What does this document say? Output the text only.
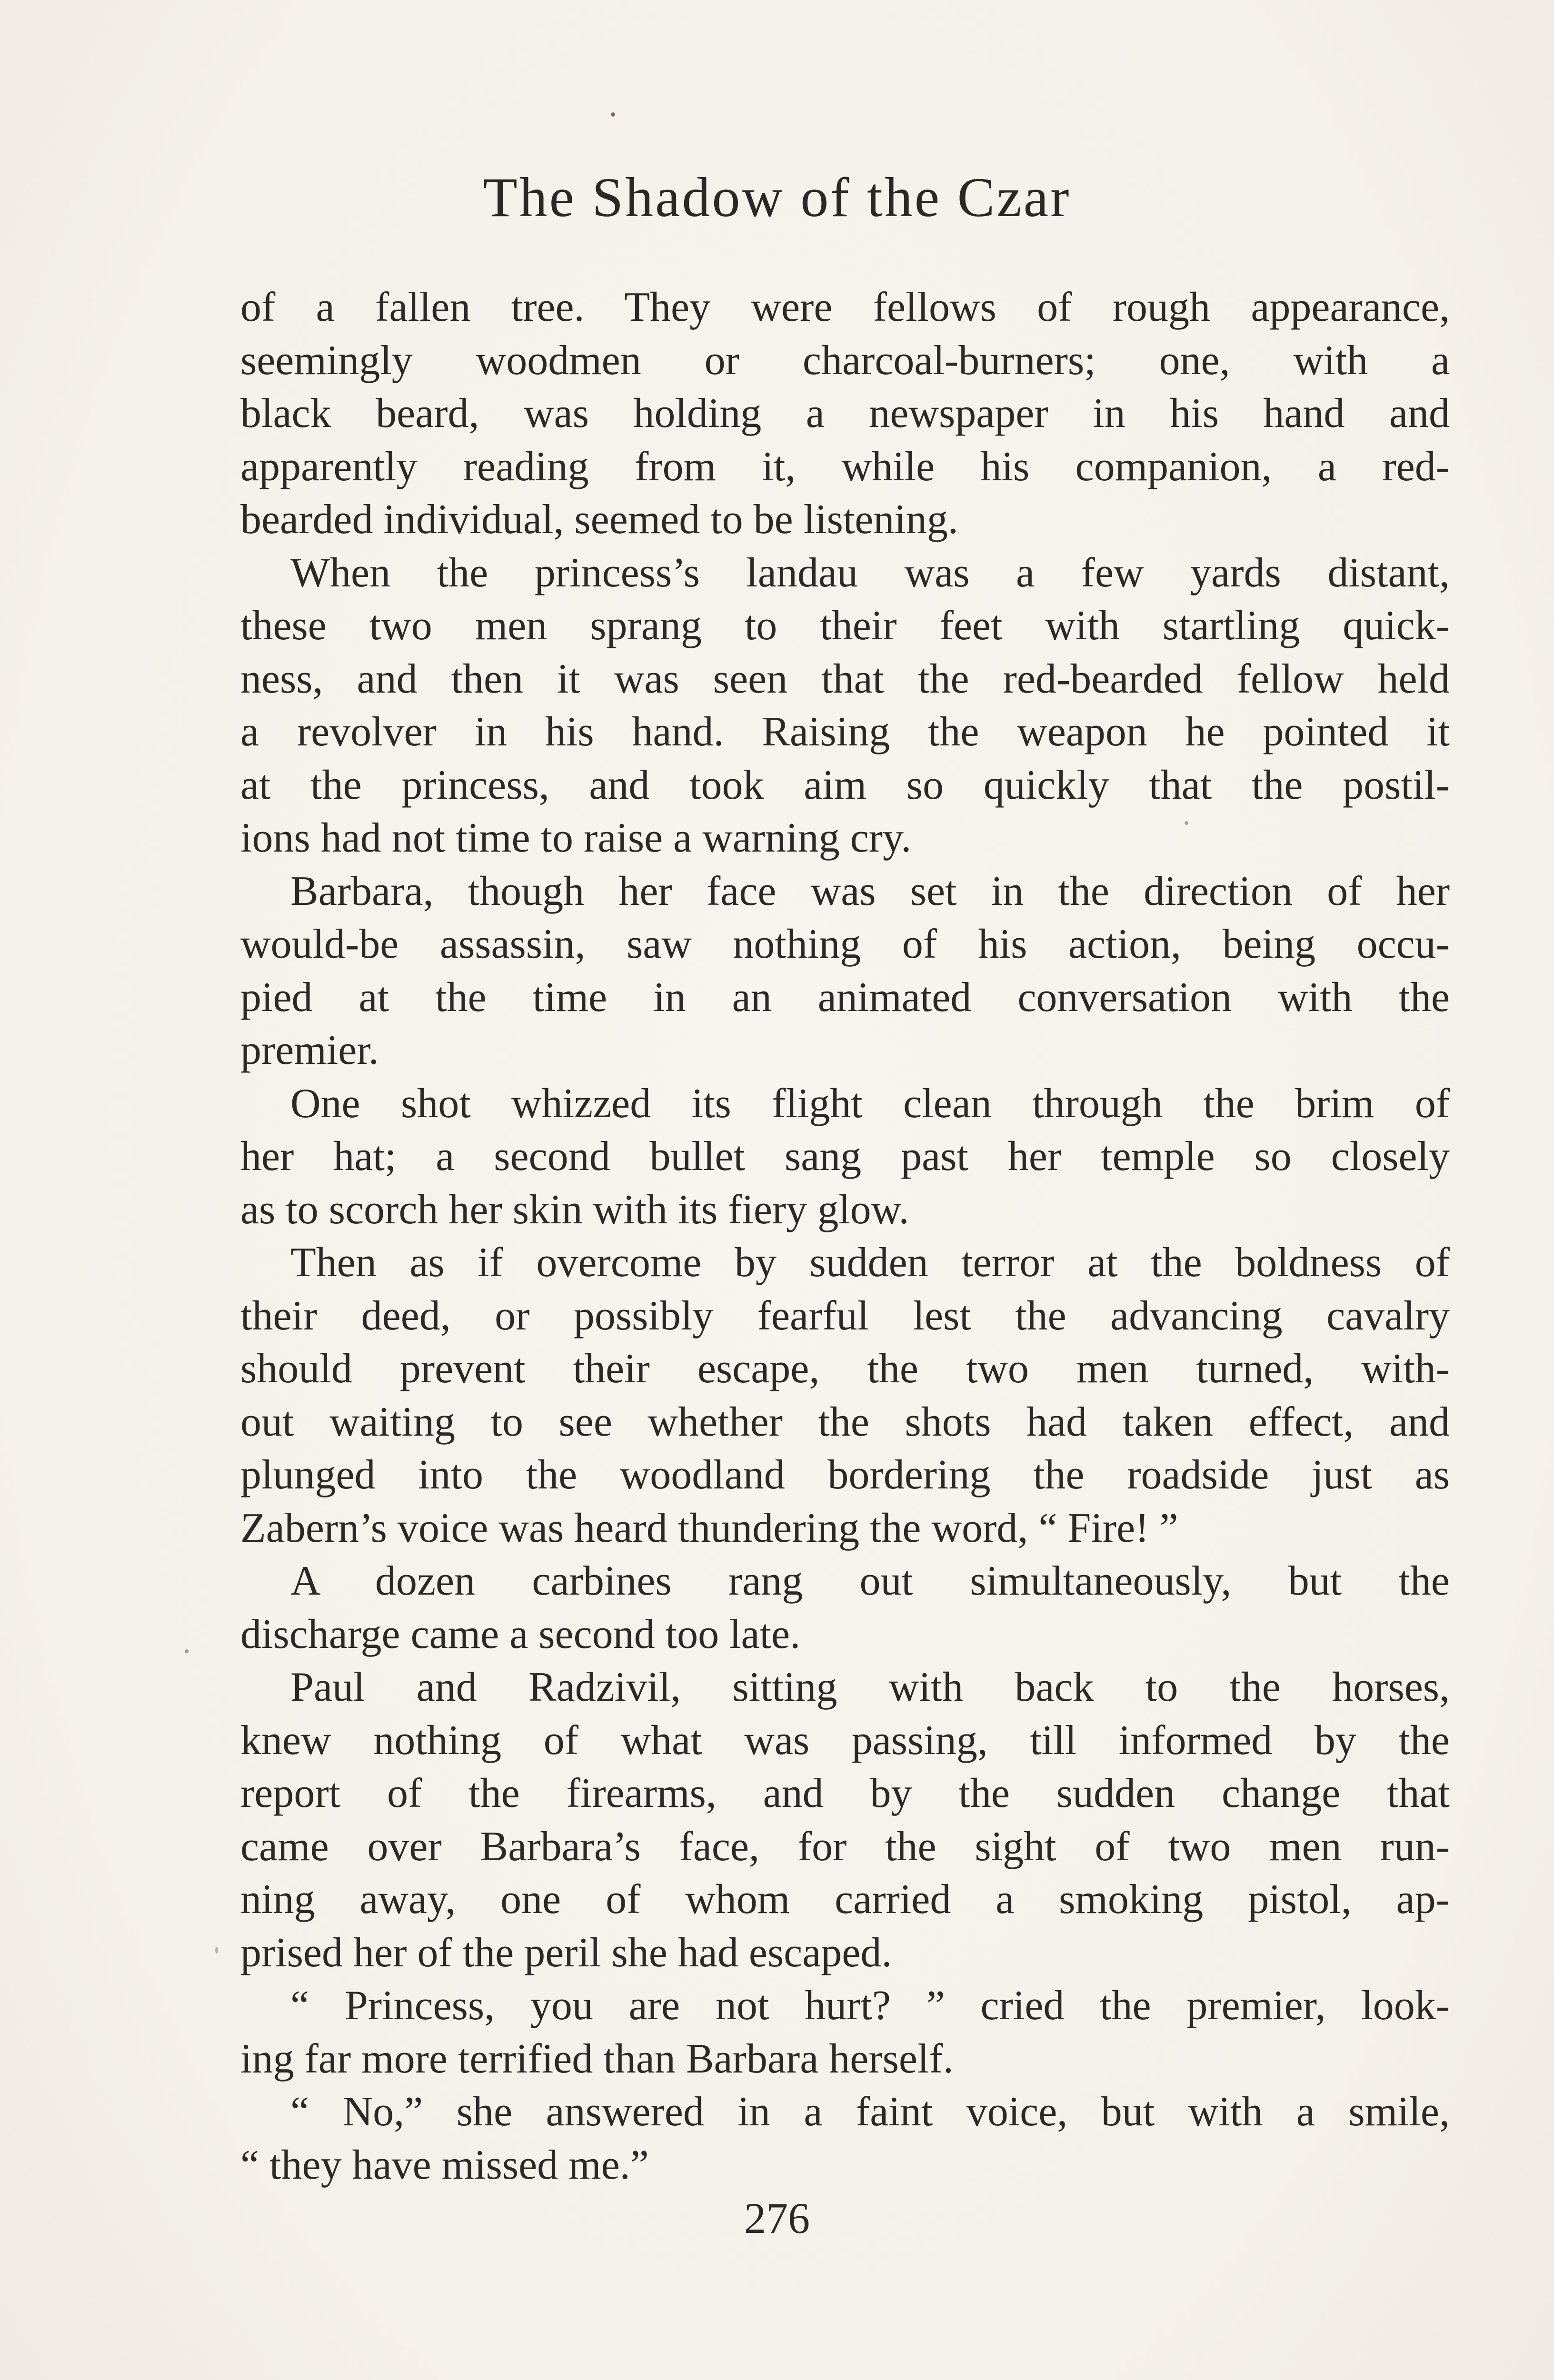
The Shadow of the Czar
of a fallen tree. They were fellows of rough appearance,
seemingly woodmen or charcoal-burners; one, with a
black beard, was holding a newspaper in his hand and
apparently reading from it, while his companion, a red-
bearded individual, seemed to be listening.
When the princess’s landau was a few yards distant,
these two men sprang to their feet with startling quick-
ness, and then it was seen that the red-bearded fellow held
a revolver in his hand. Raising the weapon he pointed it
at the princess, and took aim so quickly that the postil-
ions had not time to raise a warning cry.
Barbara, though her face was set in the direction of her
would-be assassin, saw nothing of his action, being occu-
pied at the time in an animated conversation with the
premier.
One shot whizzed its flight clean through the brim of
her hat; a second bullet sang past her temple so closely
as to scorch her skin with its fiery glow.
Then as if overcome by sudden terror at the boldness of
their deed, or possibly fearful lest the advancing cavalry
should prevent their escape, the two men turned, with-
out waiting to see whether the shots had taken effect, and
plunged into the woodland bordering the roadside just as
Zabern’s voice was heard thundering the word, “ Fire! ”
A dozen carbines rang out simultaneously, but the
discharge came a second too late.
Paul and Radzivil, sitting with back to the horses,
knew nothing of what was passing, till informed by the
report of the firearms, and by the sudden change that
came over Barbara’s face, for the sight of two men run-
ning away, one of whom carried a smoking pistol, ap-
prised her of the peril she had escaped.
“ Princess, you are not hurt? ” cried the premier, look-
ing far more terrified than Barbara herself.
“ No,” she answered in a faint voice, but with a smile,
“ they have missed me.”
276
